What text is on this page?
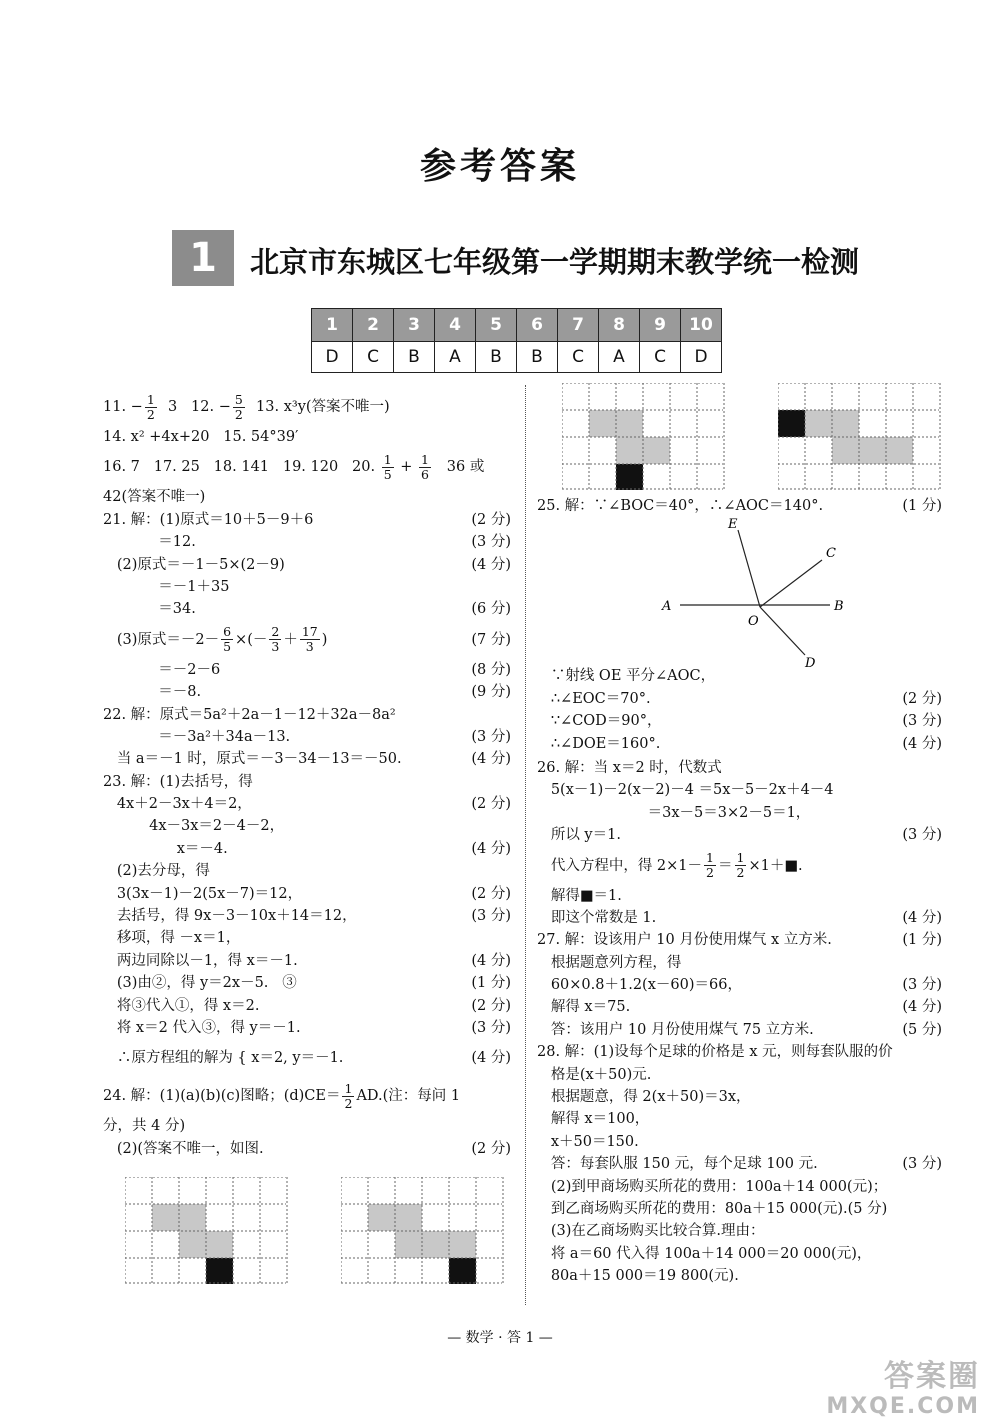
参考答案
1	北京市东城区七年级第一学期期末教学统一检测
1	2	3	4	5	6	7	8	9	10
D	C	B	A	B	B	C	A	C	D
11. − $\frac{1}{2} 3$   12. − $\frac{5}{2} 13$. x³y(答案不唯一)
14. x² +4x+20   15. 54°39′
16. 7   17. 25   18. 141   19. 120   20. $\frac{1}{5} + \frac{1}{6} 36$ 或
42(答案不唯一)
21. 解：(1)原式＝10＋5－9＋6	(2 分)
＝12.	(3 分)
(2)原式＝－1－5×(2－9)	(4 分)
＝－1＋35
＝34.	(6 分)
(3)原式$=-2- \frac{6}{5}$ ×(－ $\frac{2}{3} + \frac{17}{3}$ )	(7 分)
＝－2－6	(8 分)
＝－8.	(9 分)
22. 解：原式＝5a²＋2a－1－12＋32a－8a²
＝－3a²＋34a－13.	(3 分)
当 a＝－1 时，原式＝－3－34－13＝－50.	(4 分)
23. 解：(1)去括号，得
4x＋2－3x＋4＝2，	(2 分)
4x－3x＝2－4－2，
x＝－4.	(4 分)
(2)去分母，得
3(3x－1)－2(5x－7)＝12，	(2 分)
去括号，得 9x－3－10x＋14＝12，	(3 分)
移项，得 －x＝1，
两边同除以－1，得 x＝－1.	(4 分)
(3)由②，得 y＝2x－5.   ③	(1 分)
将③代入①，得 x＝2.	(2 分)
将 x＝2 代入③，得 y＝－1.	(3 分)
∴原方程组的解为 { x＝2, y＝－1.	(4 分)
24. 解：(1)(a)(b)(c)图略；$(d)CE= \frac{1}{2} AD$.(注：每问 1
分，共 4 分)
(2)(答案不唯一，如图.	(2 分)
25. 解：∵∠BOC＝40°，∴∠AOC＝140°.	(1 分)
∵射线 OE 平分∠AOC，
∴∠EOC＝70°.	(2 分)
∵∠COD＝90°，	(3 分)
∴∠DOE＝160°.	(4 分)
26. 解：当 x＝2 时，代数式
5(x－1)－2(x－2)－4 ＝5x－5－2x＋4－4
＝3x－5＝3×2－5＝1，
所以 y＝1.	(3 分)
代入方程中，得 $2\times 1- \frac{1}{2} = \frac{1}{2}$ ×1＋■.
解得■＝1.
即这个常数是 1.	(4 分)
27. 解：设该用户 10 月份使用煤气 x 立方米.	(1 分)
根据题意列方程，得
60×0.8＋1.2(x－60)＝66，	(3 分)
解得 x＝75.	(4 分)
答：该用户 10 月份使用煤气 75 立方米.	(5 分)
28. 解：(1)设每个足球的价格是 x 元，则每套队服的价
格是(x＋50)元.
根据题意，得 2(x＋50)＝3x，
解得 x＝100，
x＋50＝150.
答：每套队服 150 元，每个足球 100 元.	(3 分)
(2)到甲商场购买所花的费用：100a＋14 000(元)；
到乙商场购买所花的费用：80a＋15 000(元).(5 分)
(3)在乙商场购买比较合算.理由：
将 a＝60 代入得 100a＋14 000＝20 000(元)，
80a＋15 000＝19 800(元).
E
C
A	B
O
D
— 数学 · 答 1 —
答案圈
MXQE.COM
